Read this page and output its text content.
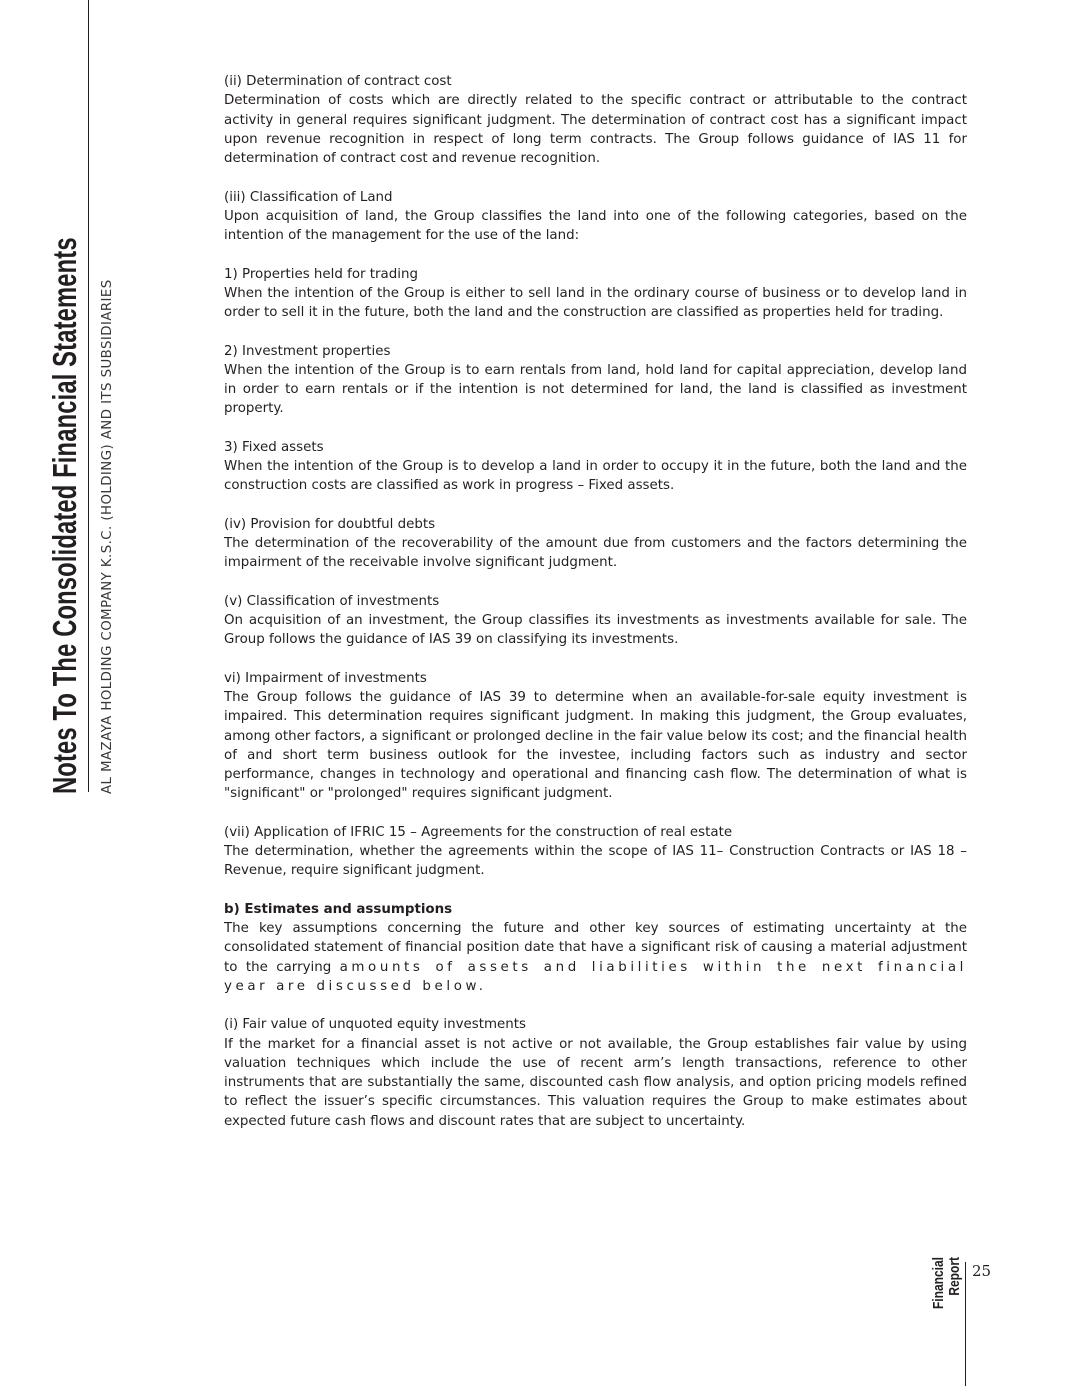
Notes To The Consolidated Financial Statements AL MAZAYA HOLDING COMPANY K.S.C. (HOLDING) AND ITS SUBSIDIARIES
(ii) Determination of contract cost

Determination of costs which are directly related to the specific contract or attributable to the contract activity in general requires significant judgment. The determination of contract cost has a significant impact upon revenue recognition in respect of long term contracts. The Group follows guidance of IAS 11 for determination of contract cost and revenue recognition.

(iii) Classification of Land

Upon acquisition of land, the Group classifies the land into one of the following categories, based on the intention of the management for the use of the land:

1) Properties held for trading

When the intention of the Group is either to sell land in the ordinary course of business or to develop land in order to sell it in the future, both the land and the construction are classified as properties held for trading.

2) Investment properties

When the intention of the Group is to earn rentals from land, hold land for capital appreciation, develop land in order to earn rentals or if the intention is not determined for land, the land is classified as investment property.

3) Fixed assets

When the intention of the Group is to develop a land in order to occupy it in the future, both the land and the construction costs are classified as work in progress – Fixed assets.

(iv) Provision for doubtful debts

The determination of the recoverability of the amount due from customers and the factors determining the impairment of the receivable involve significant judgment.

(v) Classification of investments

On acquisition of an investment, the Group classifies its investments as investments available for sale. The Group follows the guidance of IAS 39 on classifying its investments.

vi) Impairment of investments

The Group follows the guidance of IAS 39 to determine when an available-for-sale equity investment is impaired. This determination requires significant judgment. In making this judgment, the Group evaluates, among other factors, a significant or prolonged decline in the fair value below its cost; and the financial health of and short term business outlook for the investee, including factors such as industry and sector performance, changes in technology and operational and financing cash flow. The determination of what is "significant" or "prolonged" requires significant judgment.

(vii) Application of IFRIC 15 – Agreements for the construction of real estate

The determination, whether the agreements within the scope of IAS 11– Construction Contracts or IAS 18 – Revenue, require significant judgment.

b) Estimates and assumptions

The key assumptions concerning the future and other key sources of estimating uncertainty at the consolidated statement of financial position date that have a significant risk of causing a material adjustment to the carrying amounts of assets and liabilities within the next financial year are discussed below.

(i) Fair value of unquoted equity investments

If the market for a financial asset is not active or not available, the Group establishes fair value by using valuation techniques which include the use of recent arm’s length transactions, reference to other instruments that are substantially the same, discounted cash flow analysis, and option pricing models refined to reflect the issuer’s specific circumstances. This valuation requires the Group to make estimates about expected future cash flows and discount rates that are subject to uncertainty.

Financial Report 25
